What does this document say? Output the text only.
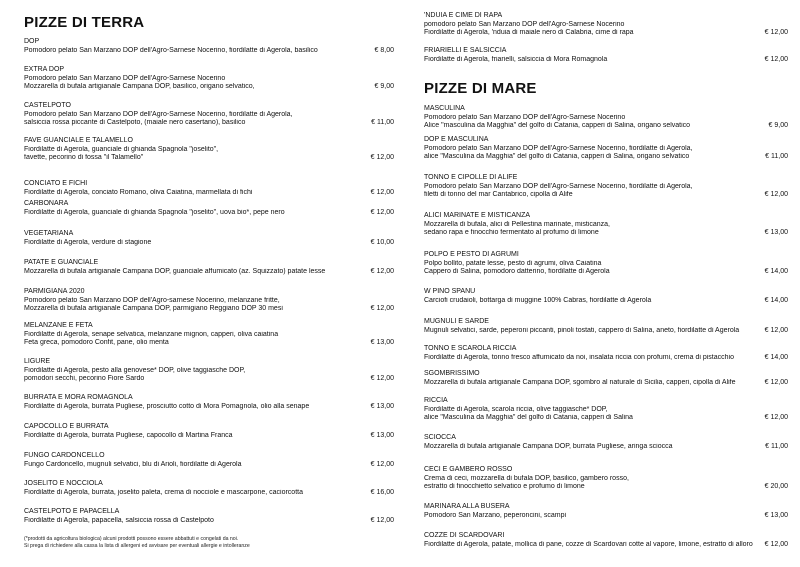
PIZZE DI TERRA
DOP
Pomodoro pelato San Marzano DOP dell'Agro-Sarnese Nocerino, fiordilatte di Agerola, basilico	€ 8,00
EXTRA DOP
Pomodoro pelato San Marzano DOP dell'Agro-Sarnese Nocerino
Mozzarella di bufala artigianale Campana DOP, basilico, origano selvatico,	€ 9,00
CASTELPOTO
Pomodoro pelato San Marzano DOP dell'Agro-Sarnese Nocerino, fiordilatte di Agerola,
salsiccia rossa piccante di Castelpoto, (maiale nero casertano), basilico	€ 11,00
FAVE GUANCIALE E TALAMELLO
Fiordilatte di Agerola, guanciale di ghianda Spagnola "joselito",
favette, pecorino di fossa "il Talamello"	€ 12,00
CONCIATO E FICHI
Fiordilatte di Agerola, conciato Romano, oliva Caiatina, marmellata di fichi	€ 12,00
CARBONARA
Fiordilatte di Agerola, guanciale di ghianda Spagnola "joselito", uova bio*, pepe nero	€ 12,00
VEGETARIANA
Fiordilatte di Agerola, verdure di stagione	€ 10,00
PATATE E GUANCIALE
Mozzarella di bufala artigianale Campana DOP, guanciale affumicato (az. Squizzato) patate lesse	€ 12,00
PARMIGIANA 2020
Pomodoro pelato San Marzano DOP dell'Agro-sarnese Nocerino, melanzane fritte,
Mozzarella di bufala artigianale Campana DOP, parmigiano Reggiano DOP 30 mesi	€ 12,00
MELANZANE E FETA
Fiordilatte di Agerola, senape selvatica, melanzane mignon, capperi, oliva caiatina
Feta greca, pomodoro Confit, pane, olio menta	€ 13,00
LIGURE
Fiordilatte di Agerola, pesto alla genovese* DOP, olive taggiasche DOP,
pomodori secchi, pecorino Fiore Sardo	€ 12,00
BURRATA E MORA ROMAGNOLA
Fiordilatte di Agerola, burrata Pugliese, prosciutto cotto di Mora Pomagnola, olio alla senape	€ 13,00
CAPOCOLLO E BURRATA
Fiordilatte di Agerola, burrata Pugliese, capocollo di Martina Franca	€ 13,00
FUNGO CARDONCELLO
Fungo Cardoncello, mugnuli selvatici, blu di Arioli, fiordilatte di Agerola	€ 12,00
JOSELITO E NOCCIOLA
Fiordilatte di Agerola, burrata, joselito paleta, crema di nocciole e mascarpone, caciorcotta	€ 16,00
CASTELPOTO E PAPACELLA
Fiordilatte di Agerola, papacella, salsiccia rossa di Castelpoto	€ 12,00
(*prodotti da agricoltura biologica) alcuni prodotti possono essere abbattuti e congelati da noi.
Si prega di richiedere alla cassa la lista di allergeni ed avvisare per eventuali allergie e intolleranze
'NDUIA E CIME DI RAPA
pomodoro pelato San Marzano DOP dell'Agro-Sarnese Nocerino
Fiordilatte di Agerola, 'nduia di maiale nero di Calabria, cime di rapa	€ 12,00
FRIARIELLI E SALSICCIA
Fiordilatte di Agerola, friarielli, salsiccia di Mora Romagnola	€ 12,00
PIZZE DI MARE
MASCULINA
Pomodoro pelato San Marzano DOP dell'Agro-Sarnese Nocerino
Alice "masculina da Magghia" del golfo di Catania, capperi di Salina, origano selvatico	€ 9,00
DOP E MASCULINA
Pomodoro pelato San Marzano DOP dell'Agro-Sarnese Nocerino, fiordilatte di Agerola,
alice "Masculina da Magghia" del golfo di Catania, capperi di Salina, origano selvatico	€ 11,00
TONNO E CIPOLLE DI ALIFE
Pomodoro pelato San Marzano DOP dell'Agro-Sarnese Nocerino, fiordilatte di Agerola,
filetti di tonno del mar Cantabrico, cipolla di Alife	€ 12,00
ALICI MARINATE E MISTICANZA
Mozzarella di bufala, alici di Pellestina marinate, misticanza,
sedano rapa e finocchio fermentato al profumo di limone	€ 13,00
POLPO E PESTO DI AGRUMI
Polpo bollito, patate lesse, pesto di agrumi, oliva Caiatina
Cappero di Salina, pomodoro datterino, fiordilatte di Agerola	€ 14,00
W PINO SPANU
Carciofi crudaioli, bottarga di muggine 100% Cabras, fiordilatte di Agerola	€ 14,00
MUGNULI E SARDE
Mugnuli selvatici, sarde, peperoni piccanti, pinoli tostati, cappero di Salina, aneto, fiordilatte di Agerola	€ 12,00
TONNO E SCAROLA RICCIA
Fiordilatte di Agerola, tonno fresco affumicato da noi, insalata riccia con profumi, crema di pistacchio	€ 14,00
SGOMBRISSIMO
Mozzarella di bufala artigianale Campana DOP, sgombro al naturale di Sicilia, capperi, cipolla di Alife	€ 12,00
RICCIA
Fiordilatte di Agerola, scarola riccia, olive taggiasche* DOP,
alice "Masculina da Magghia" del golfo di Catania, capperi di Salina	€ 12,00
SCIOCCA
Mozzarella di bufala artigianale Campana DOP, burrata Pugliese, aringa sciocca	€ 11,00
CECI E GAMBERO ROSSO
Crema di ceci, mozzarella di bufala DOP, basilico, gambero rosso,
estratto di finocchietto selvatico e profumo di limone	€ 20,00
MARINARA ALLA BUSERA
Pomodoro San Marzano, peperoncini, scampi	€ 13,00
COZZE DI SCARDOVARI
Fiordilatte di Agerola, patate, mollica di pane, cozze di Scardovari cotte al vapore, limone, estratto di alloro	€ 12,00
